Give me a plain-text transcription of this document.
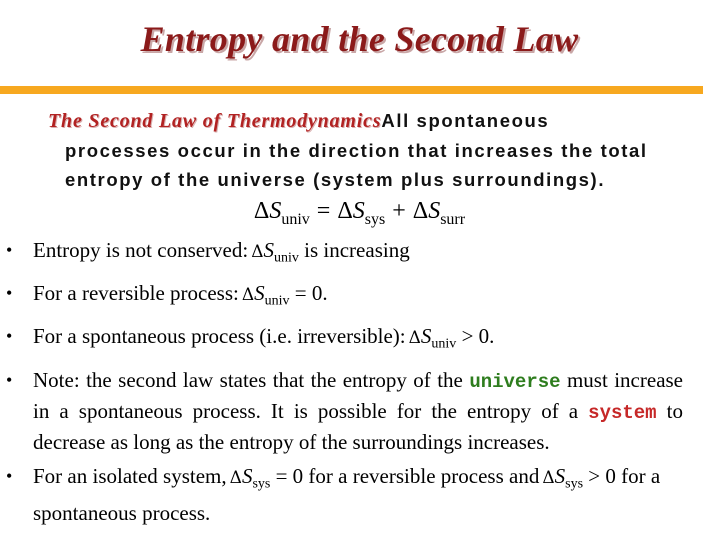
Entropy and the Second Law
The Second Law of ThermodynamicsAll spontaneous
processes occur in the direction that increases the total
entropy of the universe (system plus surroundings).
$\Delta S_{univ} = \Delta S_{sys} + \Delta S_{surr}$
• Entropy is not conserved: $\Delta S_{univ}$ is increasing
• For a reversible process: $\Delta S_{univ} = 0$.
• For a spontaneous process (i.e. irreversible): $\Delta S_{univ} > 0$.
• Note: the second law states that the entropy of the universe must increase in a spontaneous process. It is possible for the entropy of a system to decrease as long as the entropy of the surroundings increases.
• For an isolated system, $\Delta S_{sys} = 0$ for a reversible process and $\Delta S_{sys} > 0$ for a spontaneous process.
